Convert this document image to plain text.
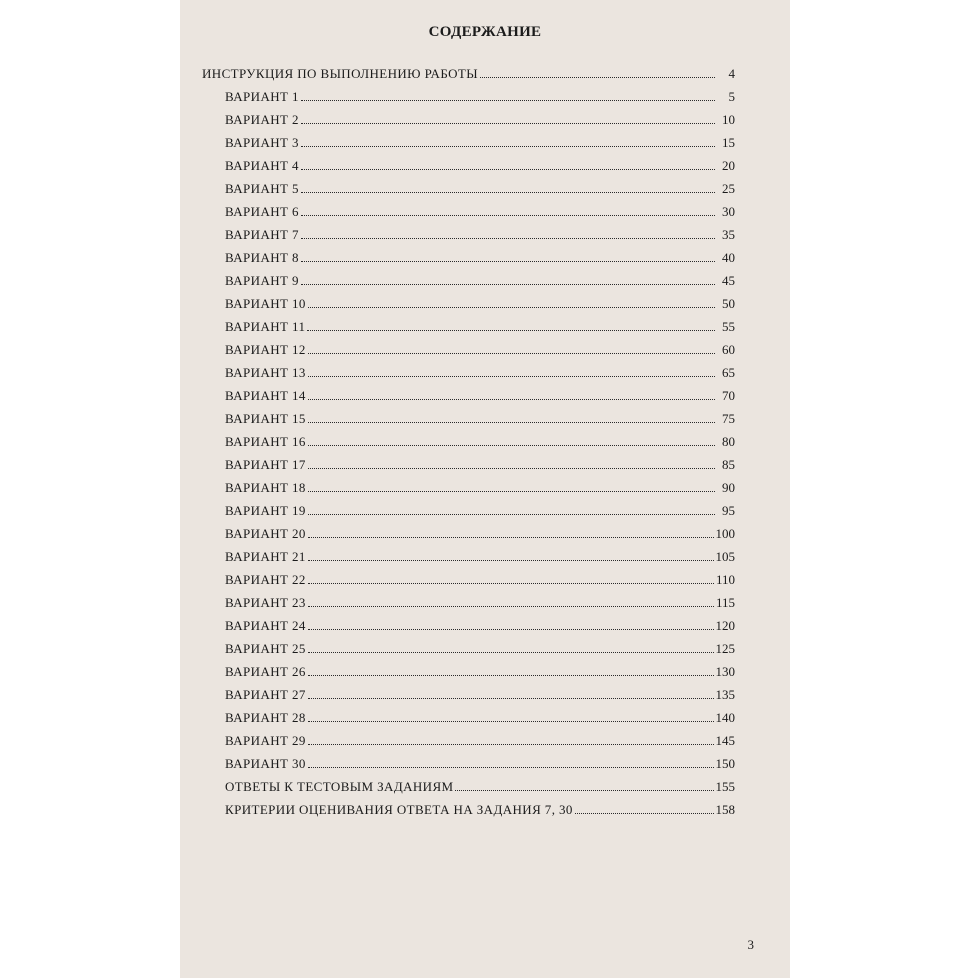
СОДЕРЖАНИЕ
ИНСТРУКЦИЯ ПО ВЫПОЛНЕНИЮ РАБОТЫ	4
ВАРИАНТ 1	5
ВАРИАНТ 2	10
ВАРИАНТ 3	15
ВАРИАНТ 4	20
ВАРИАНТ 5	25
ВАРИАНТ 6	30
ВАРИАНТ 7	35
ВАРИАНТ 8	40
ВАРИАНТ 9	45
ВАРИАНТ 10	50
ВАРИАНТ 11	55
ВАРИАНТ 12	60
ВАРИАНТ 13	65
ВАРИАНТ 14	70
ВАРИАНТ 15	75
ВАРИАНТ 16	80
ВАРИАНТ 17	85
ВАРИАНТ 18	90
ВАРИАНТ 19	95
ВАРИАНТ 20	100
ВАРИАНТ 21	105
ВАРИАНТ 22	110
ВАРИАНТ 23	115
ВАРИАНТ 24	120
ВАРИАНТ 25	125
ВАРИАНТ 26	130
ВАРИАНТ 27	135
ВАРИАНТ 28	140
ВАРИАНТ 29	145
ВАРИАНТ 30	150
ОТВЕТЫ К ТЕСТОВЫМ ЗАДАНИЯМ	155
КРИТЕРИИ ОЦЕНИВАНИЯ ОТВЕТА НА ЗАДАНИЯ 7, 30	158
3
